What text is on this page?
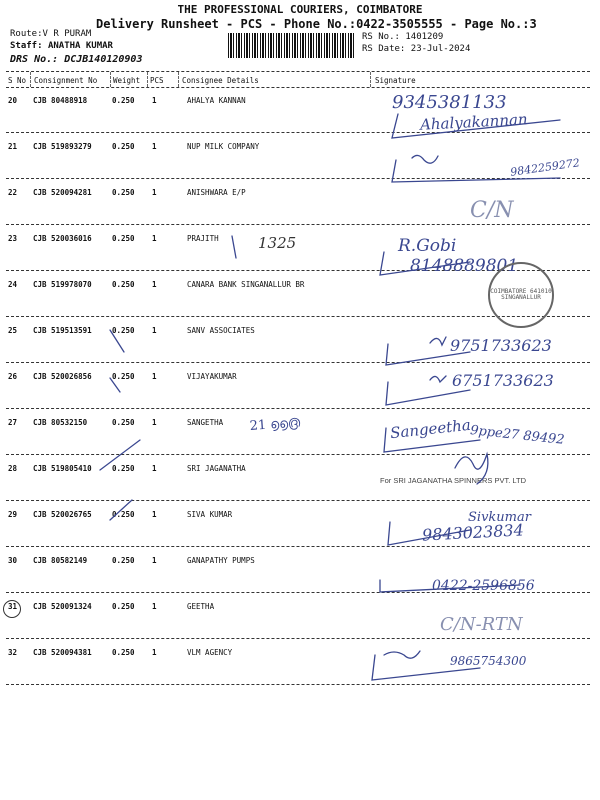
THE PROFESSIONAL COURIERS, COIMBATORE
Delivery Runsheet - PCS - Phone No.:0422-3505555 - Page No.:3
Route:V R PURAM
Staff: ANATHA KUMAR
DRS No.: DCJB140120903
RS No.: 1401209
RS Date: 23-Jul-2024
S No Consignment No Weight PCS Consignee Details	Signature
20 CJB 80488918	0.250 1	AHALYA KANNAN
21 CJB 519893279	0.250 1	NUP MILK COMPANY
22 CJB 520094281	0.250 1	ANISHWARA E/P
23 CJB 520036016	0.250 1	PRAJITH
24 CJB 519978070	0.250 1	CANARA BANK SINGANALLUR BR
25 CJB 519513591	0.250 1	SANV ASSOCIATES
26 CJB 520026856	0.250 1	VIJAYAKUMAR
27 CJB 80532150	0.250 1	SANGETHA
28 CJB 519805410	0.250 1	SRI JAGANATHA
29 CJB 520026765	0.250 1	SIVA KUMAR
30 CJB 80582149	0.250 1	GANAPATHY PUMPS
31 CJB 520091324	0.250 1	GEETHA
32 CJB 520094381	0.250 1	VLM AGENCY
9345381133
Ahalyakannan
9842259272
C/N
1325	R.Gobi
8148889801
9751733623
6751733623
Sangeetha
9ppe27 89492
For SRI JAGANATHA SPINNERS PVT. LTD
Sivkumar
9843023834
0422-2596856
C/N-RTN
9865754300
COIMBATORE 641010 SINGANALLUR
21 ൭൭൫
